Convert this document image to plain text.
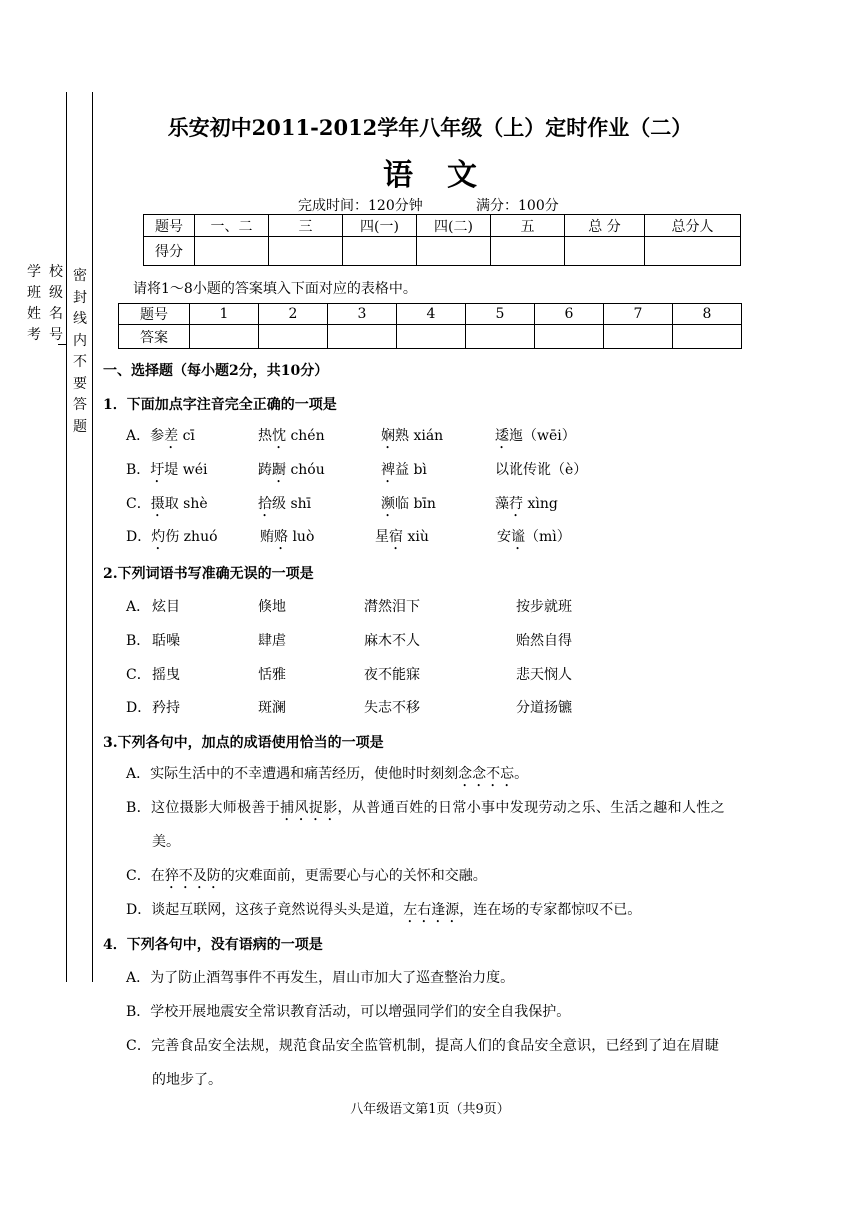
学
班
姓
考
校
级
名
号
密
封
线
内
不
要
答
题
乐安初中2011-2012学年八年级（上）定时作业（二）
语文
完成时间：120分钟	满分：100分
题号	一、二	三	四(一)	四(二)	五	总 分	总分人
得分							
请将1～8小题的答案填入下面对应的表格中。
题号	1	2	3	4	5	6	7	8
答案								
一、选择题（每小题2分，共10分）
1．下面加点字注音完全正确的一项是
A．参差 cī	热忱 chén	娴熟 xián	逶迤（wēi）
B．圩堤 wéi	踌蹰 chóu	裨益 bì	以讹传讹（è）
C．摄取 shè	拾级 shī	濒临 bīn	藻荇 xìng
D．灼伤 zhuó	贿赂 luò	星宿 xiù	安谧（mì）
2.下列词语书写准确无误的一项是
A． 炫目	倏地	潸然泪下	按步就班
B． 聒噪	肆虐	麻木不人	贻然自得
C． 摇曳	恬雅	夜不能寐	悲天悯人
D． 矜持	斑澜	失志不移	分道扬镳
3.下列各句中，加点的成语使用恰当的一项是
A．实际生活中的不幸遭遇和痛苦经历，使他时时刻刻念念不忘。
B．这位摄影大师极善于捕风捉影，从普通百姓的日常小事中发现劳动之乐、生活之趣和人性之
美。
C．在猝不及防的灾难面前，更需要心与心的关怀和交融。
D．谈起互联网，这孩子竟然说得头头是道，左右逢源，连在场的专家都惊叹不已。
4．下列各句中，没有语病的一项是
A．为了防止酒驾事件不再发生，眉山市加大了巡查整治力度。
B．学校开展地震安全常识教育活动，可以增强同学们的安全自我保护。
C．完善食品安全法规，规范食品安全监管机制，提高人们的食品安全意识，已经到了迫在眉睫
的地步了。
八年级语文第1页（共9页）
